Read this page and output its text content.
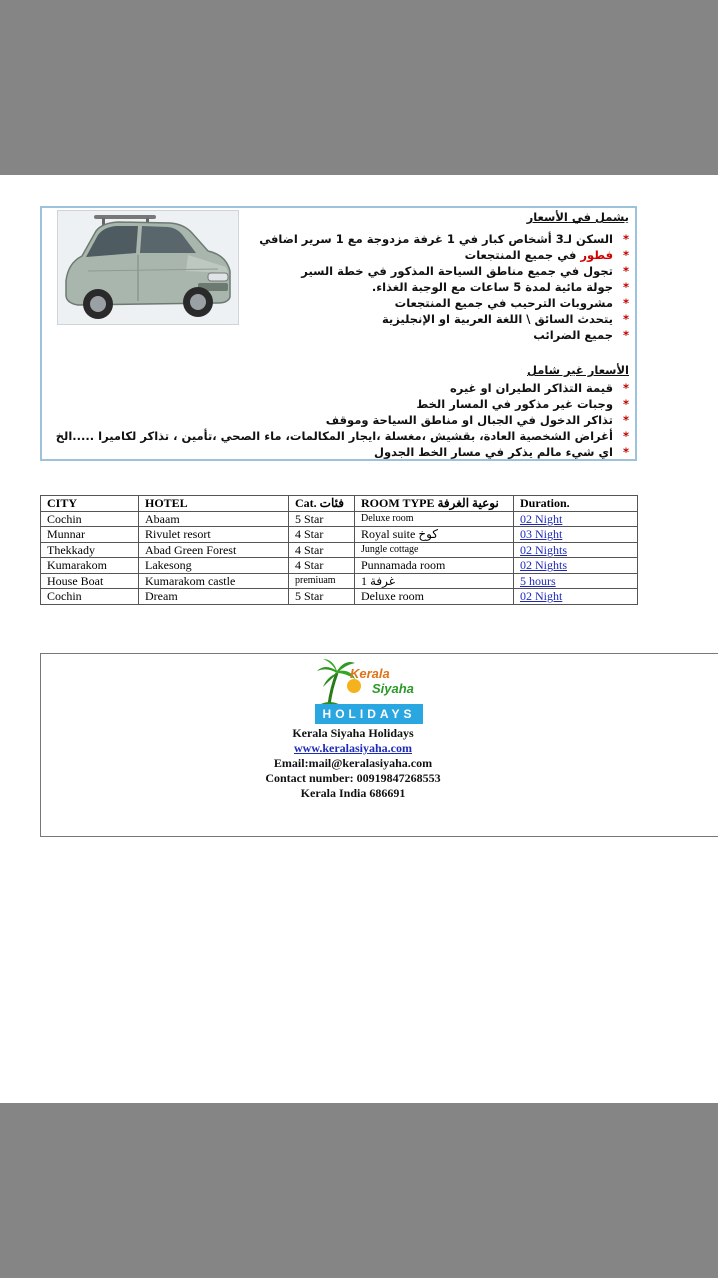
يشمل في الأسعار
*السكن لـ3 أشخاص كبار في 1 غرفة مزدوجة مع 1 سرير اضافي
*فطور في جميع المنتجعات
*تجول في جميع مناطق السياحة المذكور في خطة السير
*جولة مائية لمدة 5 ساعات مع الوجبة الغذاء.
*مشروبات الترحيب في جميع المنتجعات
*يتحدث السائق \ اللغة العربية او الإنجليزية
*جميع الضرائب
الأسعار غير شامل
*قيمة التذاكر الطيران او غيره
*وجبات غير مذكور في المسار الخط
*تذاكر الدخول في الجبال او مناطق السياحة وموقف
*أغراض الشخصية العادة، بقشيش ،مغسلة ،ايجار المكالمات، ماء الصحي ،تأمين ، تذاكر لكاميرا .....الخ
*اي شيء مالم يذكر في مسار الخط الجدول
CITY	HOTEL	Cat. فئات	ROOM TYPE نوعية الغرفة	Duration.
Cochin	Abaam	5 Star	Deluxe room	02 Night
Munnar	Rivulet resort	4 Star	Royal suite كوخ	03 Night
Thekkady	Abad Green Forest	4 Star	Jungle cottage	02 Nights
Kumarakom	Lakesong	4 Star	Punnamada room	02 Nights
House Boat	Kumarakom castle	premiuam	1 غرفة	5 hours
Cochin	Dream	5 Star	Deluxe room	02 Night
Kerala
Siyaha
HOLIDAYS
Kerala Siyaha Holidays
www.keralasiyaha.com
Email:mail@keralasiyaha.com
Contact number: 00919847268553
Kerala India 686691
